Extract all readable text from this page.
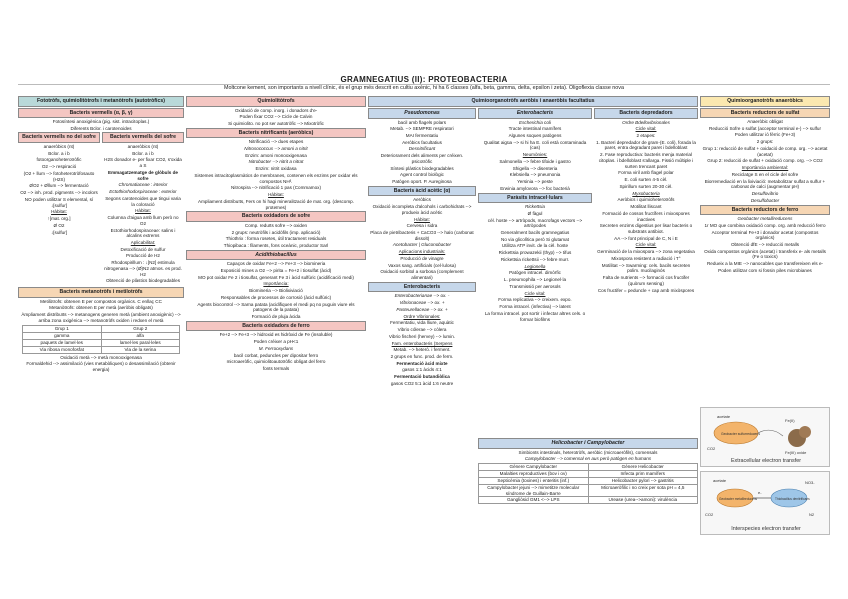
GRAMNEGATIUS (II): PROTEOBACTERIA
Moltcone kement, son importants a nivell clínic, és el grup més descrit en cultiu axènic, hi ha 6 classes (alfa, beta, gamma, delta, epsilon i zeta). Oligoflexia classe nova
Fototròfs, quimiolitòtrofs i metanòtrofs (autotròfics)
Bacteris vermells (α, β, γ)
Fotosíntesi anoxigènica (pig. sist. intracitoplas.)
Diferents Bclor. i carotenoides
Bacteris vermells no del sofre
anaeròbics (nt)
Bclor. a i b
fotoorganoheterotròfic
O2 --> respiració
(O2 + llum --> fotoheterotròfosauto (H2S)
ØO2 + Øllum --> fermentació
O2 --> inh. prod. pigments --> incolors
NO poden utilitzar S elemental, sí ↓[sulfur]
Hàbitat:
↑[mat. org.]
Ø O2
↓[sulfur]
Bacteris vermells del sofre
anaeròbics (nt)
Bclor. a i b
H2S donador e- per fixar CO2, s'oxida a S
Emmagatzematge de glòbuls de sofre
Chromatiaceae : interior
Ectothiorhodospiraceae : exterior
Segons carotenoides que tingui varia la coloració
Hàbitat:
Columna d'aigua amb llum però no O2
Ectothiorhodospiraceae: salins i alcalins extrems
Aplicabilitat:
Detoxificació de sulfur
Producció de H2
Rhodospirillum : ↓[N2] estimula nitrogenasa --> (Ø)N2 atmos. es prod. H2
Obtenció de plàstics biodegradables
Bacteris metanotròfs i metilotròfs
Metilòtrofs: obtenen E per compostos orgànics. C enllaç CC
Metanòtrofs: obtenen E per metà (aeròbis obligats)
Àmpliament distribuïts --> metanogens generen metà (ambient anoxigènic) --> arriba zona oxigènica --> metanotròfs oxiden i redxen el metà
Grup 1	Grup 2
gamma	alfa
paquets de lamel·les	lamel·les paral·leles
Via ribosa monofosfat	Via de la serina
Oxidació metà --> metà monooxigenasa
Formaldehid --> assimilació (vies metabòliques) o desassimilació (obtenir energia)
Quimiolitòtrofs
Oxidació de comp. inorg. i donadors d'e-
Poden fixar CO2 --> Cicle de Calvin
Si quimiolito. no pot ser autotròfic --> Mixotròfic
Bacteris nitrificants (aeròbics)
Nitrificació --> dues etapes
Nitrosococcus --> amoni a nitrit
Enzim: amoni monooxigenasa
Nitrobacter --> nitrit a nitrat
Enzim: nitrit oxidasa
Sistemes intracitoplasmàtics de membranes, contenen els enzims per oxidar els compostos NH³.
Nitrospira --> nitrificació 1 pas (Commamox)
Hàbitat:
Ampliament distribuïts, Fers on hi hagi mineralització de mat. org. (descomp. proteïnes)
Bacteris oxidadors de sofre
Comp. reduïts sofre --> oxiden
2 grups: neutròfils i acidòfils (imp. aplicació)
Thiothrix : forma rosetes, útil tractament residuals
Thiopibaca : filaments, fons oceànic, productor Sarl
Acidithiobacillus
Capaços de oxidar Fe+2 --> Fe+3 --> biomineria
Exposició mines a O2 --> pirita = Fe+2 i tiosulfat (àcid)
MO pot oxidar Fe 2 i tiosulfat, generant Fe 3 i àcid sulfúric (acidificació medi)
Importància:
Biomineria --> Biolixiviació
Responsables de processos de corrosió (àcid sulfúric)
Agents biocontrol --> Sarna patata (acidifiquen el medi pq no puguin viure els patogens de la patata)
Formació de pluja àcida
Bacteris oxidadors de ferro
Fe+2 --> Fe+3 --> hidroxid es hidròxid de Fe (insoluble)
Poden créixer a pH<1
M. Ferrooxydans
bacil corbat, peduncles per dipositar ferro
microaeròfic, quimiolitoautotròfic obligat del ferro
fonts termals
Quimioorganotròfs aeròbis i anaeròbis facultatius
Pseudomonas
bacil amb flagels polars
Metab. --> SEMPRE respiratori
MAI fermentatiu
Aeròbics facultatius
Desnitrificant
Deteriorament dels aliments per créixen. psicotròfic
Síntesi plàstics biodegradables
Agent control biològic
Patògen oport. P. Aureginosa
Bacteris àcid acètic (α)
Aeròbics
Oxidació incompleta d'alcohols i carbohidrats --> produeix àcid acètic
Hàbitat:
Cervesa i sidra
Placa de pietribacteris + CaCO3 --> halo (carbonat dissolt)
Acetobacter | Gluconobacter
Aplicacions industrials:
Producció de vinagre
Vaxos sang. artificials (cel·lulosa)
Oxidació sorbitol a sorbosa (complement alimentari)
Enterobacteris
Enterobacterianae --> ox. -
Vibrionaceae --> ox. +
Pasteurellaceae --> ox. +
Ordre Vibrionales:
Fermentatiu, vida lliure, aquàtic
Vibrio cólerae --> còlera
Vibrio fischeri (hervey) --> lumin.
Fam. enterobacteris (Serpens
Metab. --> heterò. i ferment.
2 grups en func. prod. de ferm.
Fermentació àcid mixte
gasos 1:1 àcids 4:1
Fermentació butandiòlica
gasos CO2 5:1 àcid 1:6 neutre
Enterobacteris
Escherichia coli
Tracte intestinal mamífers
Algunes soques patògens
Qualitat aigüa --> si hi ha E. coli està contaminada (cas)
Neumònies:
Salmonella --> febre tifoide i gastro
Shigella --> disenteria
Klebsiella --> pneumonia
Yersinia --> peste
Erwinia amylovora --> foc bacterià
Paràsits intracel·lulars
Rickettsia
Ø fàgul
cèl. hoste --> artròpods, macrofags vectors --> artròpodes
Generalment bacils gramnegatius
No via glicolítica però Si glutamat
Utilitza ATP invit. de la cèl. hoste
Rickettsia prowazekii (thyp) --> tifus
Rickettsia rickettsii --> febre murr.
Legionella
Patògen intracel. dimòrfic
L. pneumophila --> Legionel·la
Transmissió per aerosols
Cicle vital:
Forma replicativa --> creixem. expo.
Forma intracel. (infectiva) --> latent
La forma intracel. pot sortir i infectar altres cels. o formar biofilms
Bacteris depredadors
Ordre Bdellovibrionales
Cicle vital:
2 etapes:
1. Bacteri depredador de gram-(E. coli), forada la paret, entra degradant paret i bdelloblast
2. Fase reproductiva: bacteris menja material citoplas. i bdelloblast s'allarga. Fissió múltiple i surten trencant paret
Forma viril amb flagel polar
E. coli surten 4-5 cèl.
Spirillum surten 20-30 cèl.
Myxobacteria
Aeròbics i quimioheterotròfs
Motilitat lliscant
Formació de cossos fructífers i mixospores inactives
Secreten enzims digestius per lisar bacteris o substrats antibiot.
AA --> font principal de C, N i E
Cicle vital:
Germinació de la mixospora --> zona vegetativa
Mixospora resistent a radiació i T°
Motilitat --> Swarming: cels. bacils secreten polim. mucilaginós
Falta de nutrients --> formació cos fructifer (quòrum sensing)
Cos fructifer = peduncle + cap amb mixòspores
Helicobacter i Campylobacter
Simbionts intestinals, heterotròfs, aeròbic (microaeròfils), comensals
Campylobacter --> comensal en aus però patògen en humans
Gènere Campylobacter	Gènere Helicobacter
Malalties reproductives (bov i ov)	Infecta prim mamífers
Septicèmia (toxines) i enteritis (inf.)	Helicobacter pylori --> gastritis
Campylobacter jejuni --> mimetitze molecular síndrome de Guillain-Barre
Microaeròfilic i no creix per sota pH = 4,5
Gangliòsid GM1 <--> LPS	Urease (urea-->amoni): virulència
Quimioorganotròfs anaeròbics
Bacteris reductors de sulfat
Anaeròbic obligat
Reducció Sofre o sulfat (acceptor terminal e-) --> sulfur
Poden utilitzar ió fèrric (Fe+3)
2 grups:
Grup 1: reducció de sulfat + oxidació de comp. org. --> acetat (acetat)
Grup 2: reducció de sulfat + oxidació comp. org. --> CO2
Importància ambiental:
Reciclatge S en el cicle del sofre
Biorremediació en la lixiviació: metabolitzar sulfat a sulfur + carbonat de calci (augmentar pH)
Desulfovibrio
Desulfobacter
Bacteris reductors de ferro
Geobacter metallireducens
1r MO que combina oxidació comp. org. amb reducció ferro
Acceptor terminal Fe+3 i donador acetat (compostos orgànics)
Obtenció dfE --> reducció metalls
Oxida compostos orgànics (acetat) i transferix e- als metalls (Fe o toxics)
Redueix a la MIE --> nanocables que transfereixen els e-
Poden utilitzar com si fossin piles microbianes
acetate
CO2
Geobacter sulfurreducens
Fe(II)
Fe(III) oxide
Extracellular electron transfer
e-
acetate
CO2
Geobacter metallireducens	Thiobacillus denitrificans
NO3-
N2
Interspecies electron transfer
